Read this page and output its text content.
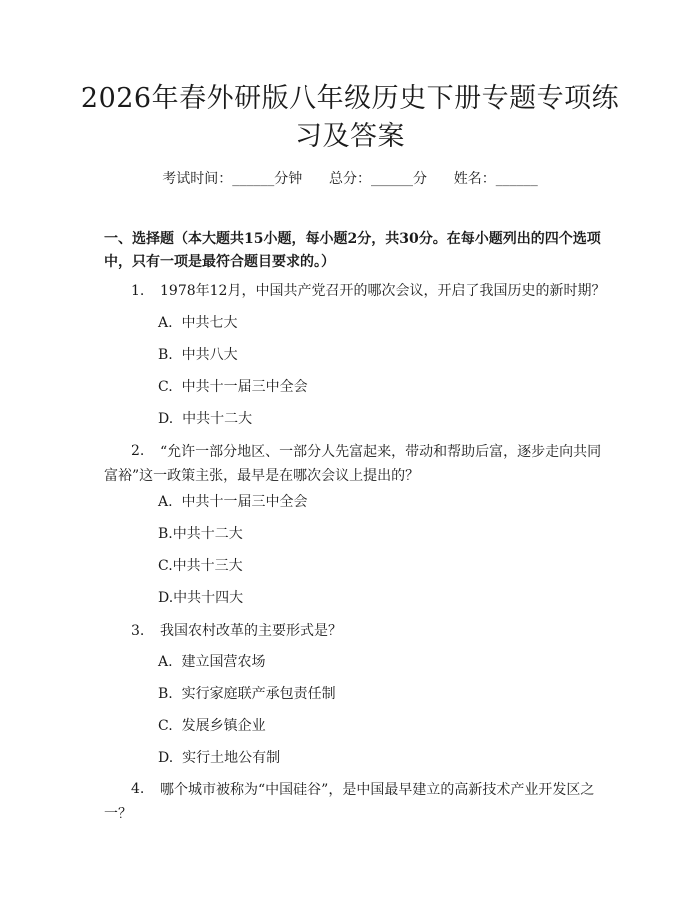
2026年春外研版八年级历史下册专题专项练习及答案
考试时间：______分钟      总分：______分      姓名：______
一、选择题（本大题共15小题，每小题2分，共30分。在每小题列出的四个选项中，只有一项是最符合题目要求的。）
1. 1978年12月，中国共产党召开的哪次会议，开启了我国历史的新时期？
A.  中共七大
B.  中共八大
C.  中共十一届三中全会
D.  中共十二大
2.	“允许一部分地区、一部分人先富起来，带动和帮助后富，逐步走向共同富裕”这一政策主张，最早是在哪次会议上提出的？
A.  中共十一届三中全会
B.中共十二大
C.中共十三大
D.中共十四大
3. 我国农村改革的主要形式是？
A.  建立国营农场
B.  实行家庭联产承包责任制
C.  发展乡镇企业
D.  实行土地公有制
4.	哪个城市被称为“中国硅谷”，是中国最早建立的高新技术产业开发区之一？
